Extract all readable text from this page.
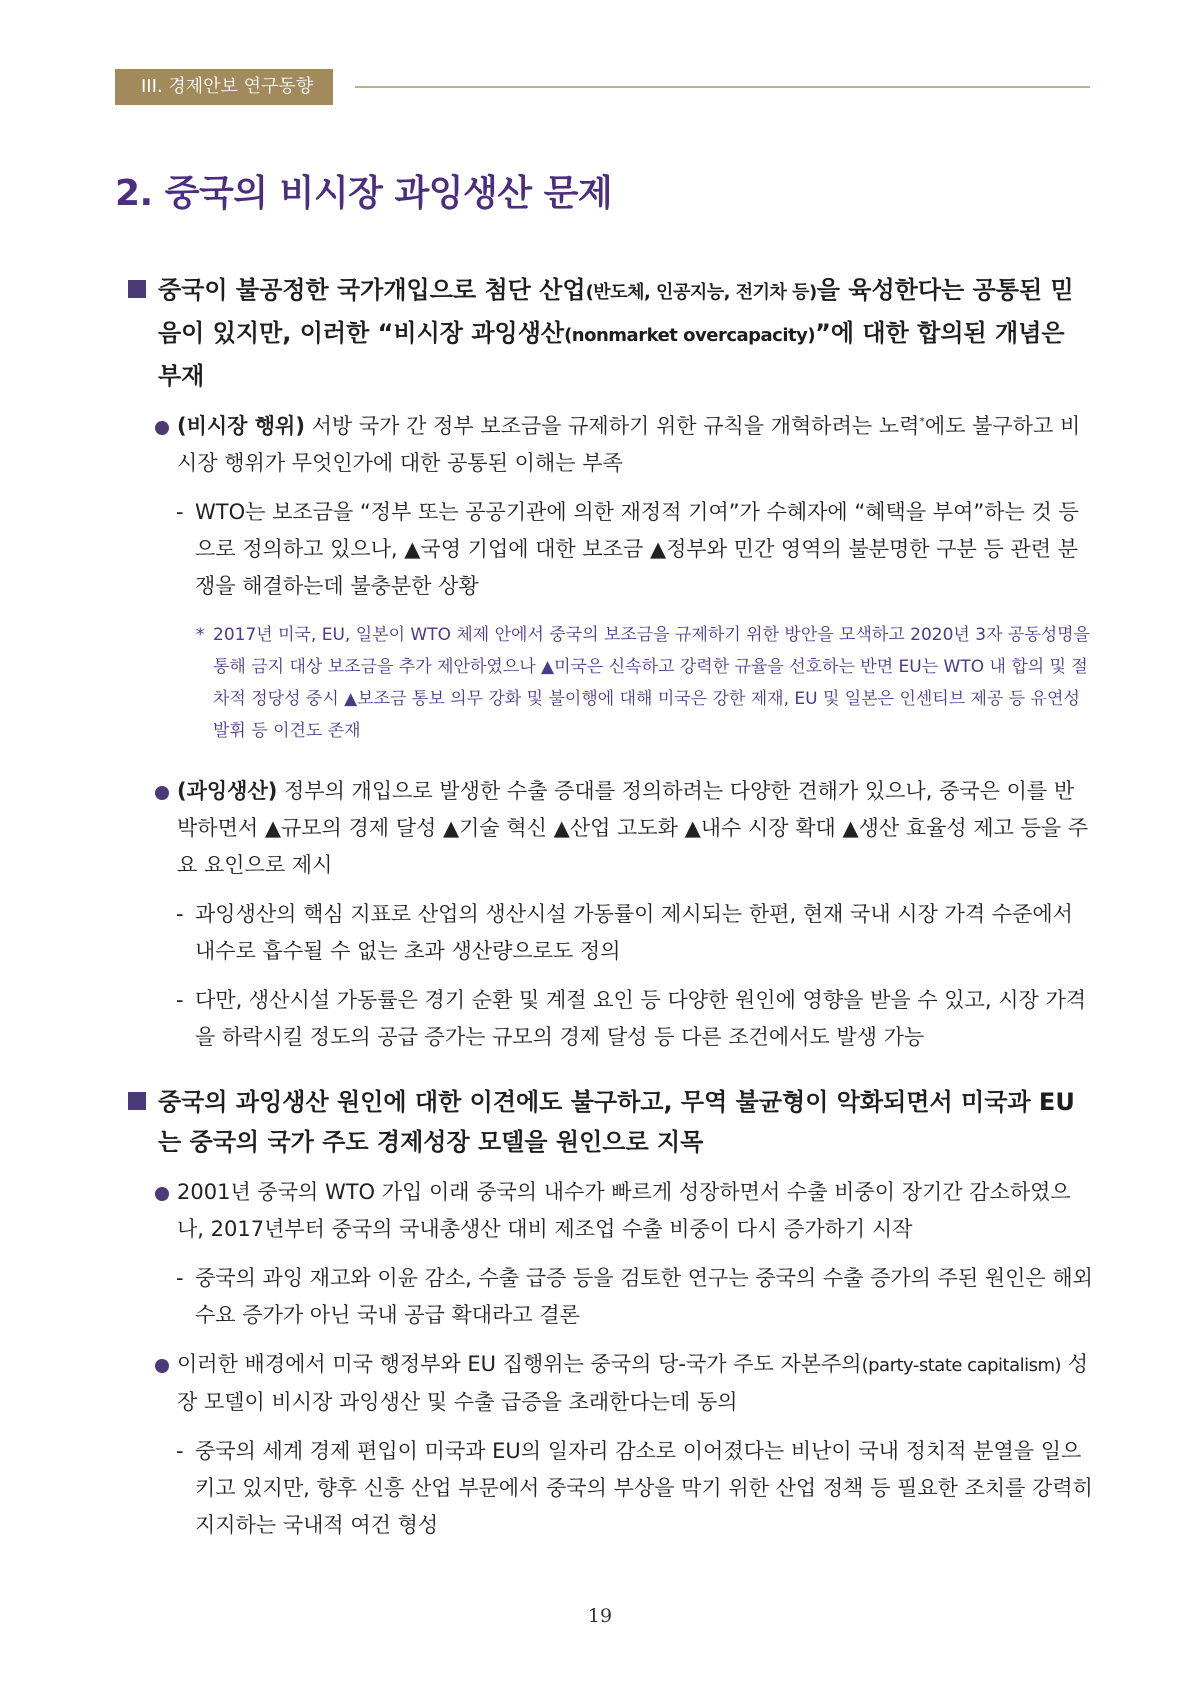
III. 경제안보 연구동향
2. 중국의 비시장 과잉생산 문제
중국이 불공정한 국가개입으로 첨단 산업(반도체, 인공지능, 전기차 등)을 육성한다는 공통된 믿음이 있지만, 이러한 “비시장 과잉생산(nonmarket overcapacity)”에 대한 합의된 개념은 부재
(비시장 행위) 서방 국가 간 정부 보조금을 규제하기 위한 규칙을 개혁하려는 노력*에도 불구하고 비시장 행위가 무엇인가에 대한 공통된 이해는 부족
- WTO는 보조금을 “정부 또는 공공기관에 의한 재정적 기여”가 수혜자에 “혜택을 부여”하는 것 등으로 정의하고 있으나, ▲국영 기업에 대한 보조금 ▲정부와 민간 영역의 불분명한 구분 등 관련 분쟁을 해결하는데 불충분한 상황
* 2017년 미국, EU, 일본이 WTO 체제 안에서 중국의 보조금을 규제하기 위한 방안을 모색하고 2020년 3자 공동성명을 통해 금지 대상 보조금을 추가 제안하였으나 ▲미국은 신속하고 강력한 규율을 선호하는 반면 EU는 WTO 내 합의 및 절차적 정당성 중시 ▲보조금 통보 의무 강화 및 불이행에 대해 미국은 강한 제재, EU 및 일본은 인센티브 제공 등 유연성 발휘 등 이견도 존재
(과잉생산) 정부의 개입으로 발생한 수출 증대를 정의하려는 다양한 견해가 있으나, 중국은 이를 반박하면서 ▲규모의 경제 달성 ▲기술 혁신 ▲산업 고도화 ▲내수 시장 확대 ▲생산 효율성 제고 등을 주요 요인으로 제시
- 과잉생산의 핵심 지표로 산업의 생산시설 가동률이 제시되는 한편, 현재 국내 시장 가격 수준에서 내수로 흡수될 수 없는 초과 생산량으로도 정의
- 다만, 생산시설 가동률은 경기 순환 및 계절 요인 등 다양한 원인에 영향을 받을 수 있고, 시장 가격을 하락시킬 정도의 공급 증가는 규모의 경제 달성 등 다른 조건에서도 발생 가능
중국의 과잉생산 원인에 대한 이견에도 불구하고, 무역 불균형이 악화되면서 미국과 EU는 중국의 국가 주도 경제성장 모델을 원인으로 지목
2001년 중국의 WTO 가입 이래 중국의 내수가 빠르게 성장하면서 수출 비중이 장기간 감소하였으나, 2017년부터 중국의 국내총생산 대비 제조업 수출 비중이 다시 증가하기 시작
- 중국의 과잉 재고와 이윤 감소, 수출 급증 등을 검토한 연구는 중국의 수출 증가의 주된 원인은 해외 수요 증가가 아닌 국내 공급 확대라고 결론
이러한 배경에서 미국 행정부와 EU 집행위는 중국의 당-국가 주도 자본주의(party-state capitalism) 성장 모델이 비시장 과잉생산 및 수출 급증을 초래한다는데 동의
- 중국의 세계 경제 편입이 미국과 EU의 일자리 감소로 이어졌다는 비난이 국내 정치적 분열을 일으키고 있지만, 향후 신흥 산업 부문에서 중국의 부상을 막기 위한 산업 정책 등 필요한 조치를 강력히 지지하는 국내적 여건 형성
19
